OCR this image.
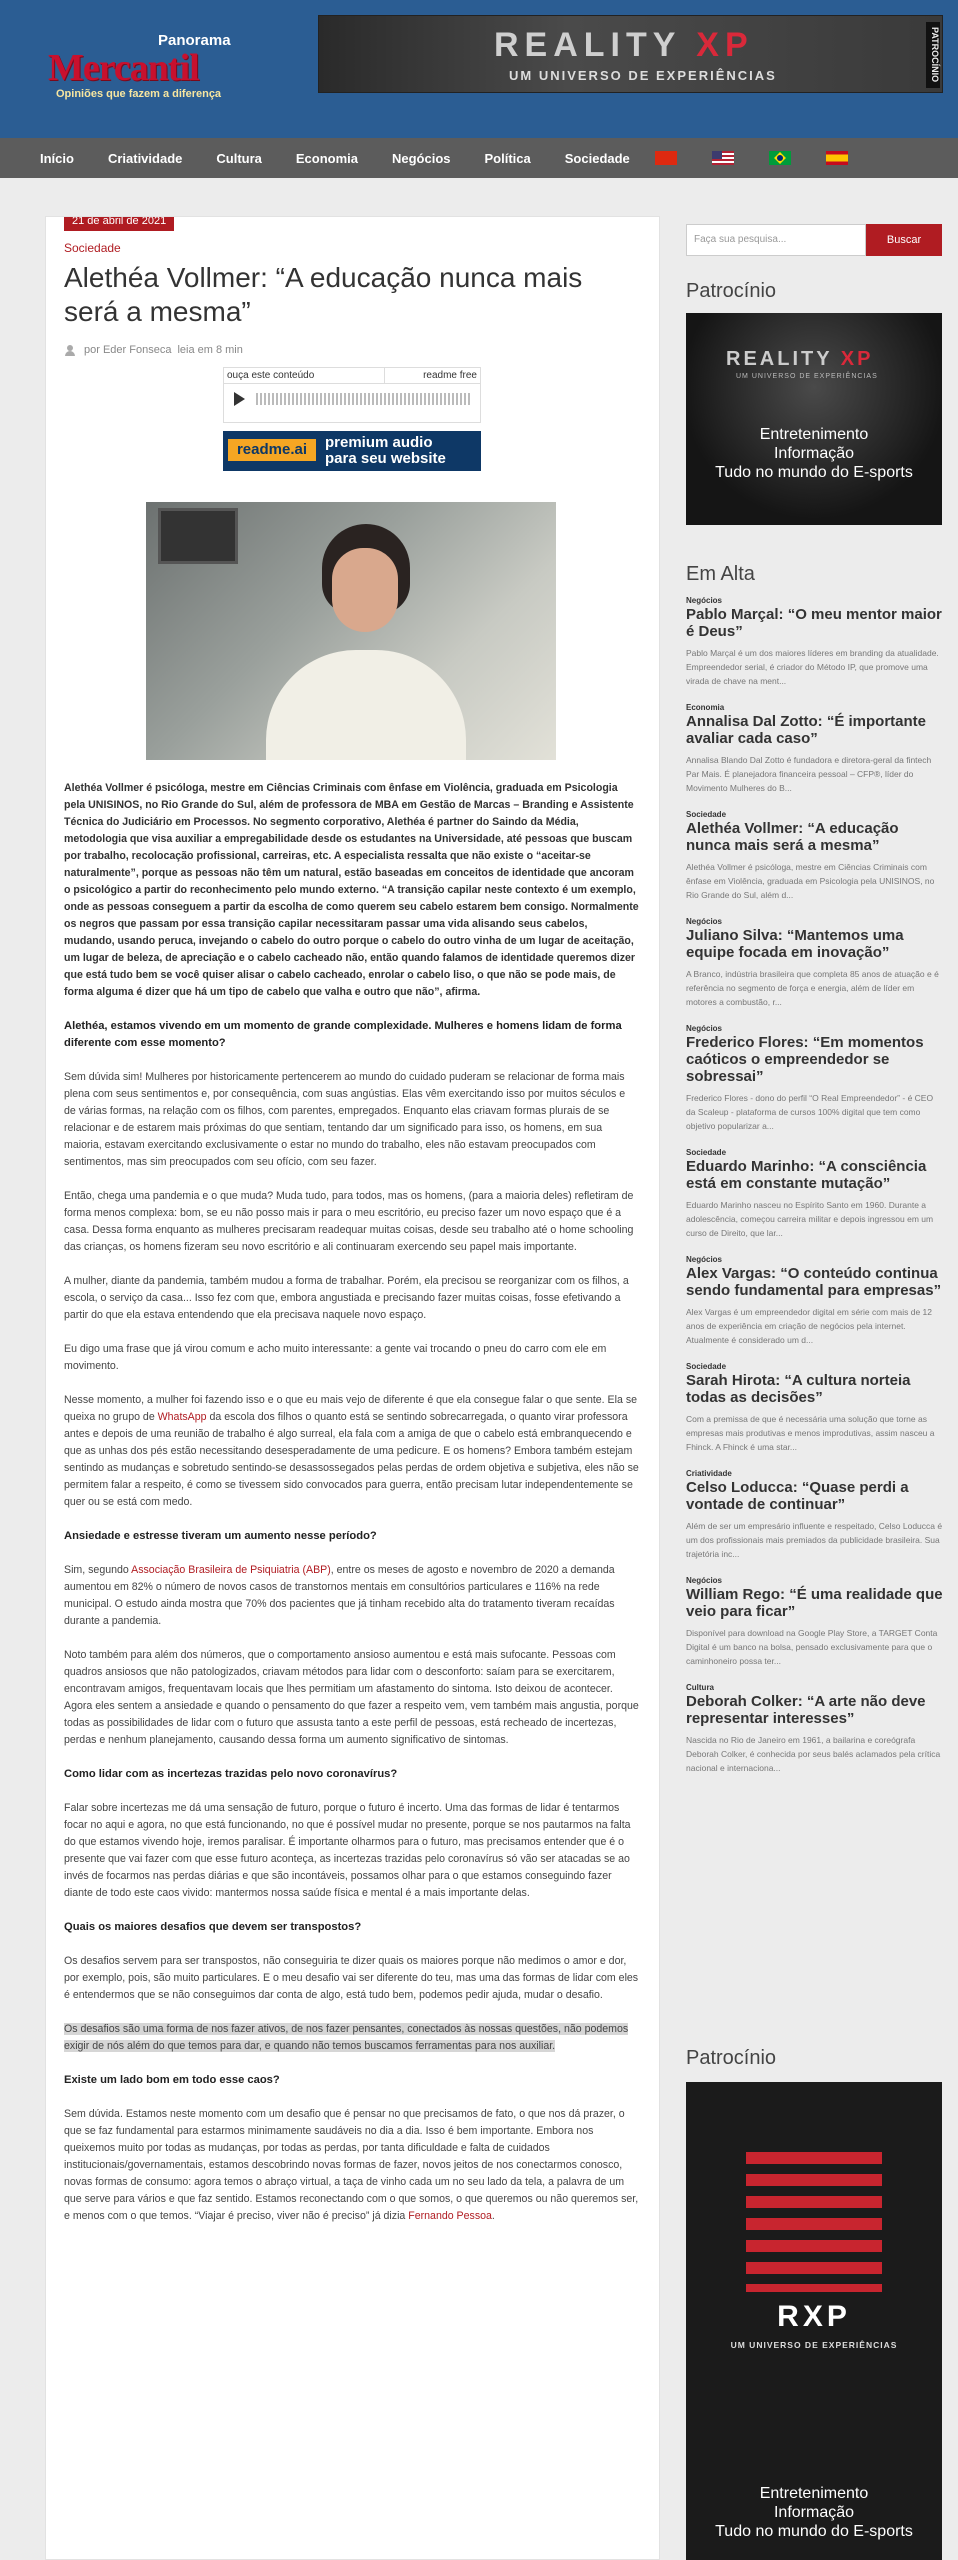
Panorama
Mercantil
Opiniões que fazem a diferença
REALITY XP
UM UNIVERSO DE EXPERIÊNCIAS	PATROCÍNIO
Início	Criatividade	Cultura	Economia	Negócios	Política	Sociedade
21 de abril de 2021
Sociedade
Alethéa Vollmer: “A educação nunca mais será a mesma”
por Eder Fonseca leia em 8 min
ouça este conteúdo	readme free
readme.ai	premium audio
para seu website

Alethéa Vollmer é psicóloga, mestre em Ciências Criminais com ênfase em Violência, graduada em Psicologia pela UNISINOS, no Rio Grande do Sul, além de professora de MBA em Gestão de Marcas – Branding e Assistente Técnica do Judiciário em Processos. No segmento corporativo, Alethéa é partner do Saindo da Média, metodologia que visa auxiliar a empregabilidade desde os estudantes na Universidade, até pessoas que buscam por trabalho, recolocação profissional, carreiras, etc. A especialista ressalta que não existe o “aceitar-se naturalmente”, porque as pessoas não têm um natural, estão baseadas em conceitos de identidade que ancoram o psicológico a partir do reconhecimento pelo mundo externo. “A transição capilar neste contexto é um exemplo, onde as pessoas conseguem a partir da escolha de como querem seu cabelo estarem bem consigo. Normalmente os negros que passam por essa transição capilar necessitaram passar uma vida alisando seus cabelos, mudando, usando peruca, invejando o cabelo do outro porque o cabelo do outro vinha de um lugar de aceitação, um lugar de beleza, de apreciação e o cabelo cacheado não, então quando falamos de identidade queremos dizer que está tudo bem se você quiser alisar o cabelo cacheado, enrolar o cabelo liso, o que não se pode mais, de forma alguma é dizer que há um tipo de cabelo que valha e outro que não”, afirma.

Alethéa, estamos vivendo em um momento de grande complexidade. Mulheres e homens lidam de forma diferente com esse momento?

Sem dúvida sim! Mulheres por historicamente pertencerem ao mundo do cuidado puderam se relacionar de forma mais plena com seus sentimentos e, por consequência, com suas angústias. Elas vêm exercitando isso por muitos séculos e de várias formas, na relação com os filhos, com parentes, empregados. Enquanto elas criavam formas plurais de se relacionar e de estarem mais próximas do que sentiam, tentando dar um significado para isso, os homens, em sua maioria, estavam exercitando exclusivamente o estar no mundo do trabalho, eles não estavam preocupados com sentimentos, mas sim preocupados com seu ofício, com seu fazer.

Então, chega uma pandemia e o que muda? Muda tudo, para todos, mas os homens, (para a maioria deles) refletiram de forma menos complexa: bom, se eu não posso mais ir para o meu escritório, eu preciso fazer um novo espaço que é a casa. Dessa forma enquanto as mulheres precisaram readequar muitas coisas, desde seu trabalho até o home schooling das crianças, os homens fizeram seu novo escritório e ali continuaram exercendo seu papel mais importante.

A mulher, diante da pandemia, também mudou a forma de trabalhar. Porém, ela precisou se reorganizar com os filhos, a escola, o serviço da casa... Isso fez com que, embora angustiada e precisando fazer muitas coisas, fosse efetivando a partir do que ela estava entendendo que ela precisava naquele novo espaço.

Eu digo uma frase que já virou comum e acho muito interessante: a gente vai trocando o pneu do carro com ele em movimento.

Nesse momento, a mulher foi fazendo isso e o que eu mais vejo de diferente é que ela consegue falar o que sente. Ela se queixa no grupo de WhatsApp da escola dos filhos o quanto está se sentindo sobrecarregada, o quanto virar professora antes e depois de uma reunião de trabalho é algo surreal, ela fala com a amiga de que o cabelo está embranquecendo e que as unhas dos pés estão necessitando desesperadamente de uma pedicure. E os homens? Embora também estejam sentindo as mudanças e sobretudo sentindo-se desassossegados pelas perdas de ordem objetiva e subjetiva, eles não se permitem falar a respeito, é como se tivessem sido convocados para guerra, então precisam lutar independentemente se quer ou se está com medo.

Ansiedade e estresse tiveram um aumento nesse período?

Sim, segundo Associação Brasileira de Psiquiatria (ABP), entre os meses de agosto e novembro de 2020 a demanda aumentou em 82% o número de novos casos de transtornos mentais em consultórios particulares e 116% na rede municipal. O estudo ainda mostra que 70% dos pacientes que já tinham recebido alta do tratamento tiveram recaídas durante a pandemia.

Noto também para além dos números, que o comportamento ansioso aumentou e está mais sufocante. Pessoas com quadros ansiosos que não patologizados, criavam métodos para lidar com o desconforto: saíam para se exercitarem, encontravam amigos, frequentavam locais que lhes permitiam um afastamento do sintoma. Isto deixou de acontecer. Agora eles sentem a ansiedade e quando o pensamento do que fazer a respeito vem, vem também mais angustia, porque todas as possibilidades de lidar com o futuro que assusta tanto a este perfil de pessoas, está recheado de incertezas, perdas e nenhum planejamento, causando dessa forma um aumento significativo de sintomas.

Como lidar com as incertezas trazidas pelo novo coronavírus?

Falar sobre incertezas me dá uma sensação de futuro, porque o futuro é incerto. Uma das formas de lidar é tentarmos focar no aqui e agora, no que está funcionando, no que é possível mudar no presente, porque se nos pautarmos na falta do que estamos vivendo hoje, iremos paralisar. É importante olharmos para o futuro, mas precisamos entender que é o presente que vai fazer com que esse futuro aconteça, as incertezas trazidas pelo coronavírus só vão ser atacadas se ao invés de focarmos nas perdas diárias e que são incontáveis, possamos olhar para o que estamos conseguindo fazer diante de todo este caos vivido: mantermos nossa saúde física e mental é a mais importante delas.

Quais os maiores desafios que devem ser transpostos?

Os desafios servem para ser transpostos, não conseguiria te dizer quais os maiores porque não medimos o amor e dor, por exemplo, pois, são muito particulares. E o meu desafio vai ser diferente do teu, mas uma das formas de lidar com eles é entendermos que se não conseguimos dar conta de algo, está tudo bem, podemos pedir ajuda, mudar o desafio.

Os desafios são uma forma de nos fazer ativos, de nos fazer pensantes, conectados às nossas questões, não podemos exigir de nós além do que temos para dar, e quando não temos buscamos ferramentas para nos auxiliar.

Existe um lado bom em todo esse caos?

Sem dúvida. Estamos neste momento com um desafio que é pensar no que precisamos de fato, o que nos dá prazer, o que se faz fundamental para estarmos minimamente saudáveis no dia a dia. Isso é bem importante. Embora nos queixemos muito por todas as mudanças, por todas as perdas, por tanta dificuldade e falta de cuidados institucionais/governamentais, estamos descobrindo novas formas de fazer, novos jeitos de nos conectarmos conosco, novas formas de consumo: agora temos o abraço virtual, a taça de vinho cada um no seu lado da tela, a palavra de um que serve para vários e que faz sentido. Estamos reconectando com o que somos, o que queremos ou não queremos ser, e menos com o que temos. “Viajar é preciso, viver não é preciso” já dizia Fernando Pessoa.

Faça sua pesquisa...	Buscar
Patrocínio
REALITY XP
UM UNIVERSO DE EXPERIÊNCIAS
Entretenimento
Informação
Tudo no mundo do E-sports
Em Alta
Negócios
Pablo Marçal: “O meu mentor maior é Deus”
Pablo Marçal é um dos maiores líderes em branding da atualidade. Empreendedor serial, é criador do Método IP, que promove uma virada de chave na ment...
Economia
Annalisa Dal Zotto: “É importante avaliar cada caso”
Annalisa Blando Dal Zotto é fundadora e diretora-geral da fintech Par Mais. É planejadora financeira pessoal – CFP®, líder do Movimento Mulheres do B...
Sociedade
Alethéa Vollmer: “A educação nunca mais será a mesma”
Alethéa Vollmer é psicóloga, mestre em Ciências Criminais com ênfase em Violência, graduada em Psicologia pela UNISINOS, no Rio Grande do Sul, além d...
Negócios
Juliano Silva: “Mantemos uma equipe focada em inovação”
A Branco, indústria brasileira que completa 85 anos de atuação e é referência no segmento de força e energia, além de líder em motores a combustão, r...
Negócios
Frederico Flores: “Em momentos caóticos o empreendedor se sobressai”
Frederico Flores - dono do perfil “O Real Empreendedor” - é CEO da Scaleup - plataforma de cursos 100% digital que tem como objetivo popularizar a...
Sociedade
Eduardo Marinho: “A consciência está em constante mutação”
Eduardo Marinho nasceu no Espírito Santo em 1960. Durante a adolescência, começou carreira militar e depois ingressou em um curso de Direito, que lar...
Negócios
Alex Vargas: “O conteúdo continua sendo fundamental para empresas”
Alex Vargas é um empreendedor digital em série com mais de 12 anos de experiência em criação de negócios pela internet. Atualmente é considerado um d...
Sociedade
Sarah Hirota: “A cultura norteia todas as decisões”
Com a premissa de que é necessária uma solução que torne as empresas mais produtivas e menos improdutivas, assim nasceu a Fhinck. A Fhinck é uma star...
Criatividade
Celso Loducca: “Quase perdi a vontade de continuar”
Além de ser um empresário influente e respeitado, Celso Loducca é um dos profissionais mais premiados da publicidade brasileira. Sua trajetória inc...
Negócios
William Rego: “É uma realidade que veio para ficar”
Disponível para download na Google Play Store, a TARGET Conta Digital é um banco na bolsa, pensado exclusivamente para que o caminhoneiro possa ter...
Cultura
Deborah Colker: “A arte não deve representar interesses”
Nascida no Rio de Janeiro em 1961, a bailarina e coreógrafa Deborah Colker, é conhecida por seus balés aclamados pela crítica nacional e internaciona...
Patrocínio
RXP
UM UNIVERSO DE EXPERIÊNCIAS
Entretenimento
Informação
Tudo no mundo do E-sports
